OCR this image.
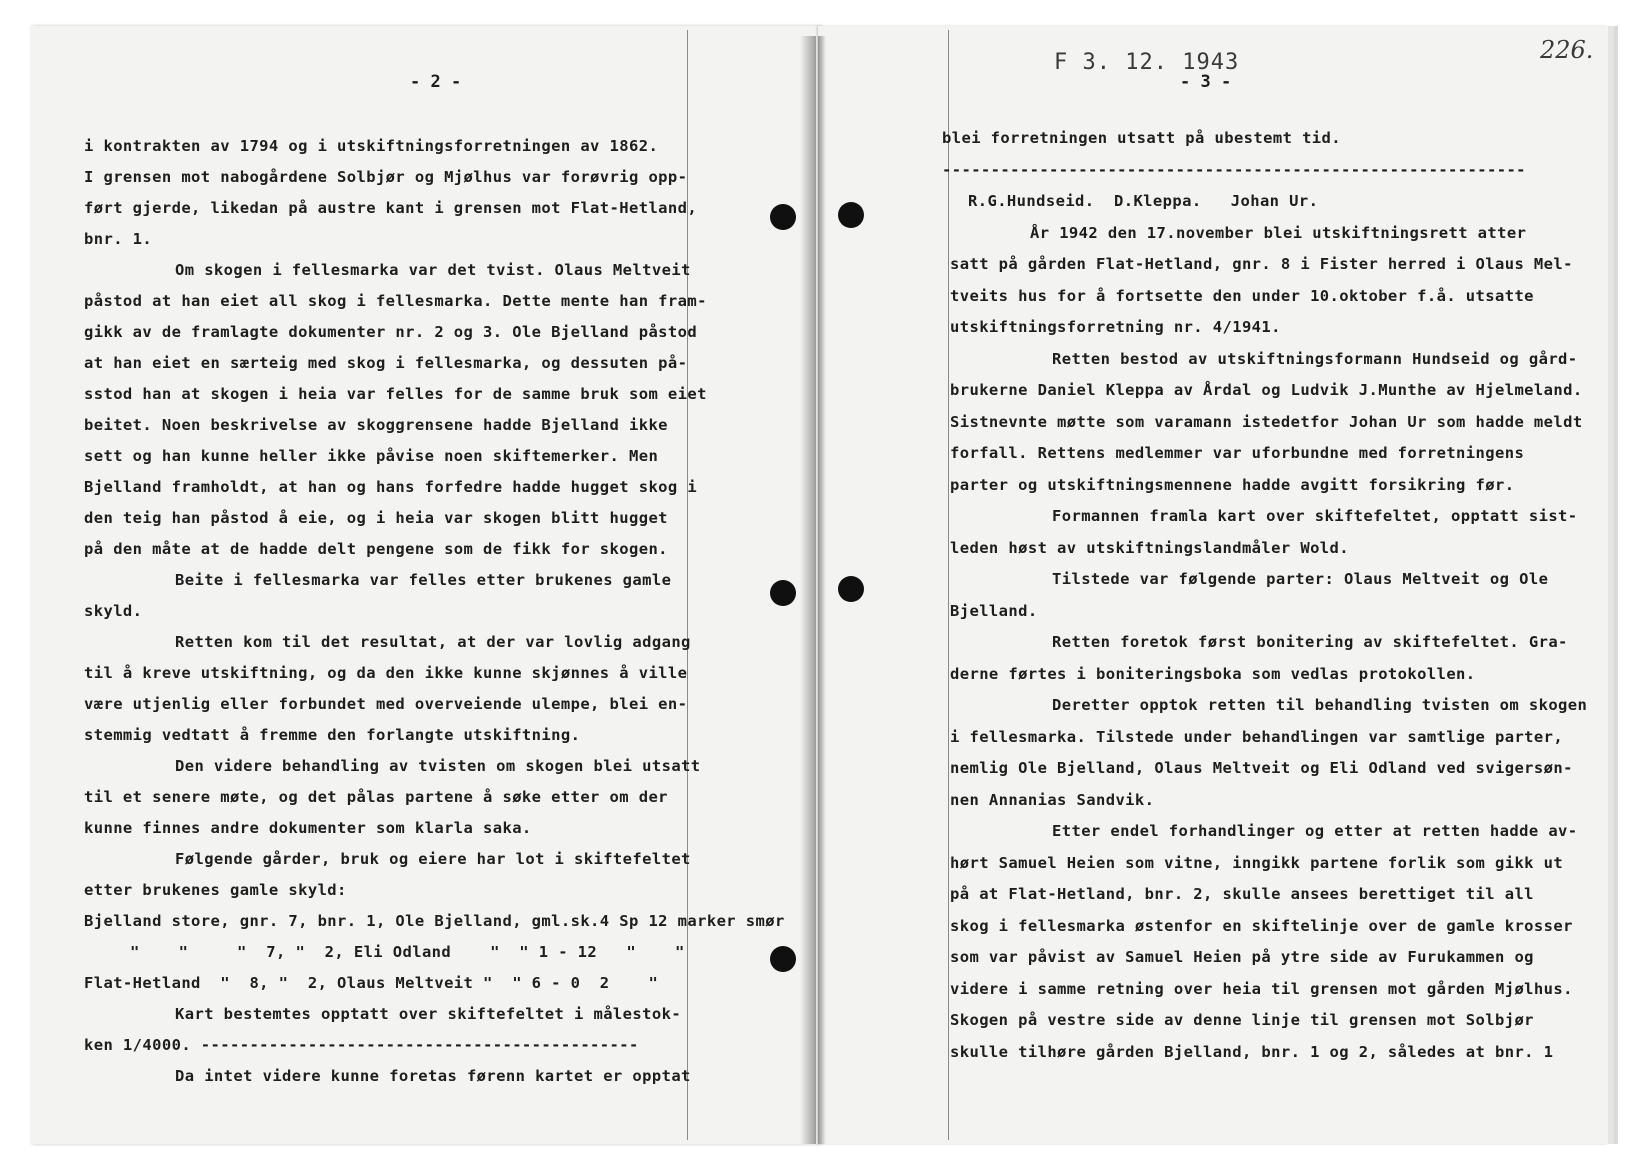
- 2 -
i kontrakten av 1794 og i utskiftningsforretningen av 1862.
I grensen mot nabogårdene Solbjør og Mjølhus var forøvrig opp-
ført gjerde, likedan på austre kant i grensen mot Flat-Hetland,
bnr. 1.
Om skogen i fellesmarka var det tvist. Olaus Meltveit
påstod at han eiet all skog i fellesmarka. Dette mente han fram-
gikk av de framlagte dokumenter nr. 2 og 3. Ole Bjelland påstod
at han eiet en særteig med skog i fellesmarka, og dessuten på-
sstod han at skogen i heia var felles for de samme bruk som eiet
beitet. Noen beskrivelse av skoggrensene hadde Bjelland ikke
sett og han kunne heller ikke påvise noen skiftemerker. Men
Bjelland framholdt, at han og hans forfedre hadde hugget skog i
den teig han påstod å eie, og i heia var skogen blitt hugget
på den måte at de hadde delt pengene som de fikk for skogen.
Beite i fellesmarka var felles etter brukenes gamle
skyld.
Retten kom til det resultat, at der var lovlig adgang
til å kreve utskiftning, og da den ikke kunne skjønnes å ville
være utjenlig eller forbundet med overveiende ulempe, blei en-
stemmig vedtatt å fremme den forlangte utskiftning.
Den videre behandling av tvisten om skogen blei utsatt
til et senere møte, og det pålas partene å søke etter om der
kunne finnes andre dokumenter som klarla saka.
Følgende gårder, bruk og eiere har lot i skiftefeltet
etter brukenes gamle skyld:
Bjelland store, gnr. 7, bnr. 1, Ole Bjelland, gml.sk.4 Sp 12 marker smør
"    "     "  7, "  2, Eli Odland    "  " 1 - 12   "    "
Flat-Hetland  "  8, "  2, Olaus Meltveit "  " 6 - 0  2    "
Kart bestemtes opptatt over skiftefeltet i målestok-
ken 1/4000. ---------------------------------------------
Da intet videre kunne foretas førenn kartet er opptat
F 3. 12. 1943	226.
- 3 -
blei forretningen utsatt på ubestemt tid.
------------------------------------------------------------
R.G.Hundseid.  D.Kleppa.   Johan Ur.
År 1942 den 17.november blei utskiftningsrett atter
satt på gården Flat-Hetland, gnr. 8 i Fister herred i Olaus Mel-
tveits hus for å fortsette den under 10.oktober f.å. utsatte
utskiftningsforretning nr. 4/1941.
Retten bestod av utskiftningsformann Hundseid og gård-
brukerne Daniel Kleppa av Årdal og Ludvik J.Munthe av Hjelmeland.
Sistnevnte møtte som varamann istedetfor Johan Ur som hadde meldt
forfall. Rettens medlemmer var uforbundne med forretningens
parter og utskiftningsmennene hadde avgitt forsikring før.
Formannen framla kart over skiftefeltet, opptatt sist-
leden høst av utskiftningslandmåler Wold.
Tilstede var følgende parter: Olaus Meltveit og Ole
Bjelland.
Retten foretok først bonitering av skiftefeltet. Gra-
derne førtes i boniteringsboka som vedlas protokollen.
Deretter opptok retten til behandling tvisten om skogen
i fellesmarka. Tilstede under behandlingen var samtlige parter,
nemlig Ole Bjelland, Olaus Meltveit og Eli Odland ved svigersøn-
nen Annanias Sandvik.
Etter endel forhandlinger og etter at retten hadde av-
hørt Samuel Heien som vitne, inngikk partene forlik som gikk ut
på at Flat-Hetland, bnr. 2, skulle ansees berettiget til all
skog i fellesmarka østenfor en skiftelinje over de gamle krosser
som var påvist av Samuel Heien på ytre side av Furukammen og
videre i samme retning over heia til grensen mot gården Mjølhus.
Skogen på vestre side av denne linje til grensen mot Solbjør
skulle tilhøre gården Bjelland, bnr. 1 og 2, således at bnr. 1
